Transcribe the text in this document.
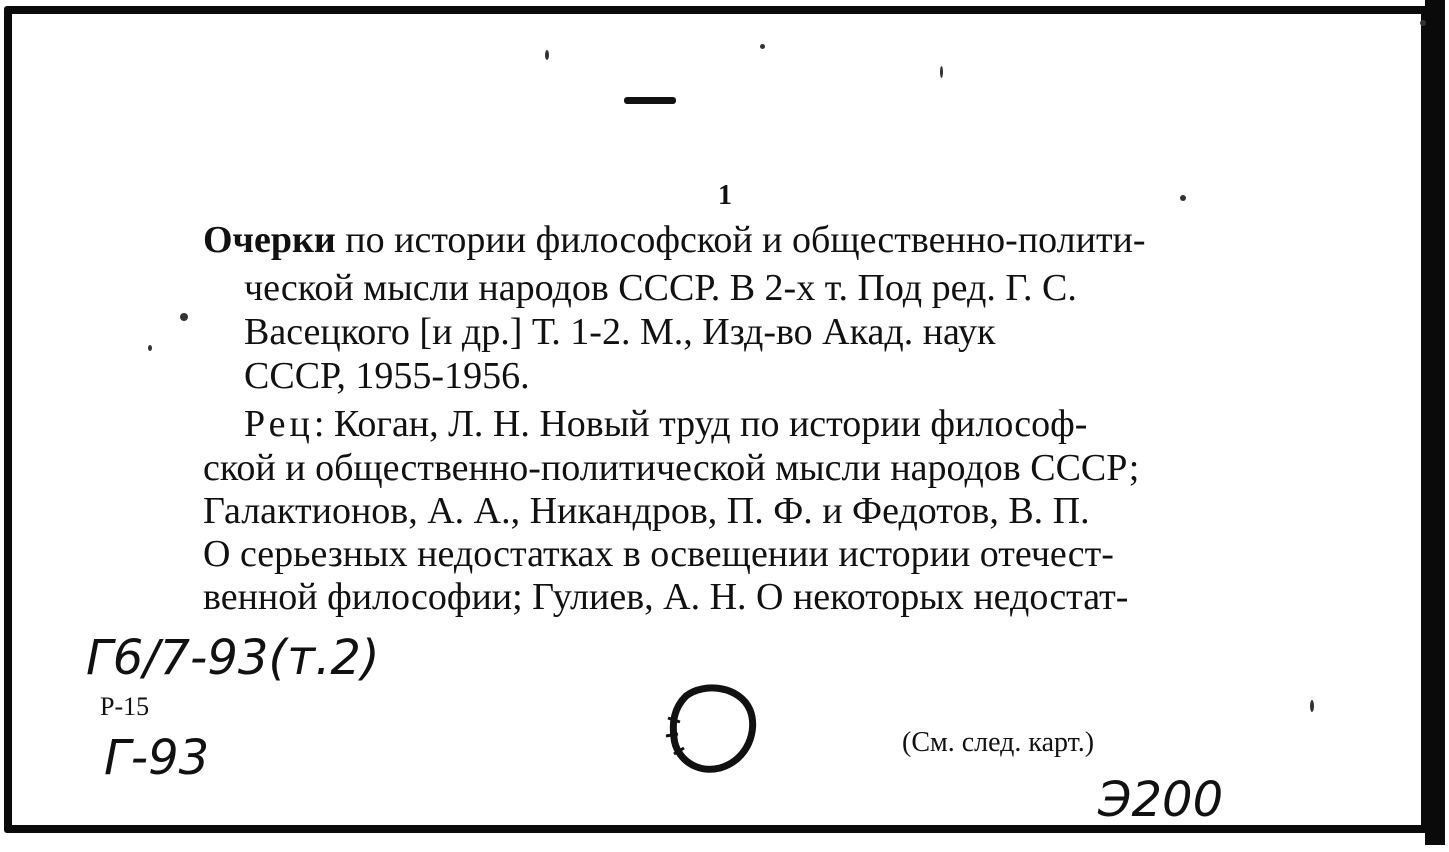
1
Очерки по истории философской и общественно-полити-
ческой мысли народов СССР. В 2-х т. Под ред. Г. С.
Васецкого [и др.] Т. 1-2. М., Изд-во Акад. наук
СССР, 1955-1956.
Рец: Коган, Л. Н. Новый труд по истории философ-
ской и общественно-политической мысли народов СССР;
Галактионов, А. А., Никандров, П. Ф. и Федотов, В. П.
О серьезных недостатках в освещении истории отечест-
венной философии; Гулиев, А. Н. О некоторых недостат-
Г6/7-93(т.2)
Р-15
Г-93	(См. след. карт.)
Э200
